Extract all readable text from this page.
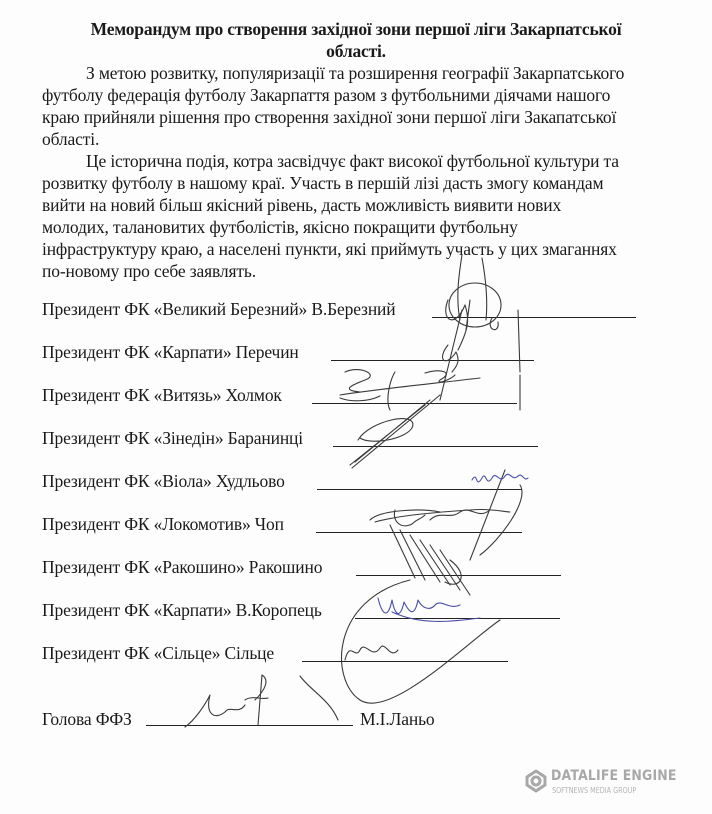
Меморандум про створення західної зони першої ліги Закарпатської
області.
З метою розвитку, популяризації та розширення географії Закарпатського
футболу федерація футболу Закарпаття разом з футбольними діячами нашого
краю прийняли рішення про створення західної зони першої ліги Закапатської
області.
Це історична подія, котра засвідчує факт високої футбольної культури та
розвитку футболу в нашому краї. Участь в першій лізі дасть змогу командам
вийти на новий більш якісний рівень, дасть можливість виявити нових
молодих, талановитих футболістів, якісно покращити футбольну
інфраструктуру краю, а населені пункти, які приймуть участь у цих змаганнях
по-новому про себе заявлять.
Президент ФК «Великий Березний» В.Березний
Президент ФК «Карпати» Перечин
Президент ФК «Витязь» Холмок
Президент ФК «Зінедін» Баранинці
Президент ФК «Віола» Худльово
Президент ФК «Локомотив» Чоп
Президент ФК «Ракошино» Ракошино
Президент ФК «Карпати» В.Коропець
Президент ФК «Сільце» Сільце
Голова ФФЗ	М.І.Ланьо
DATALIFE ENGINE
SOFTNEWS MEDIA GROUP
